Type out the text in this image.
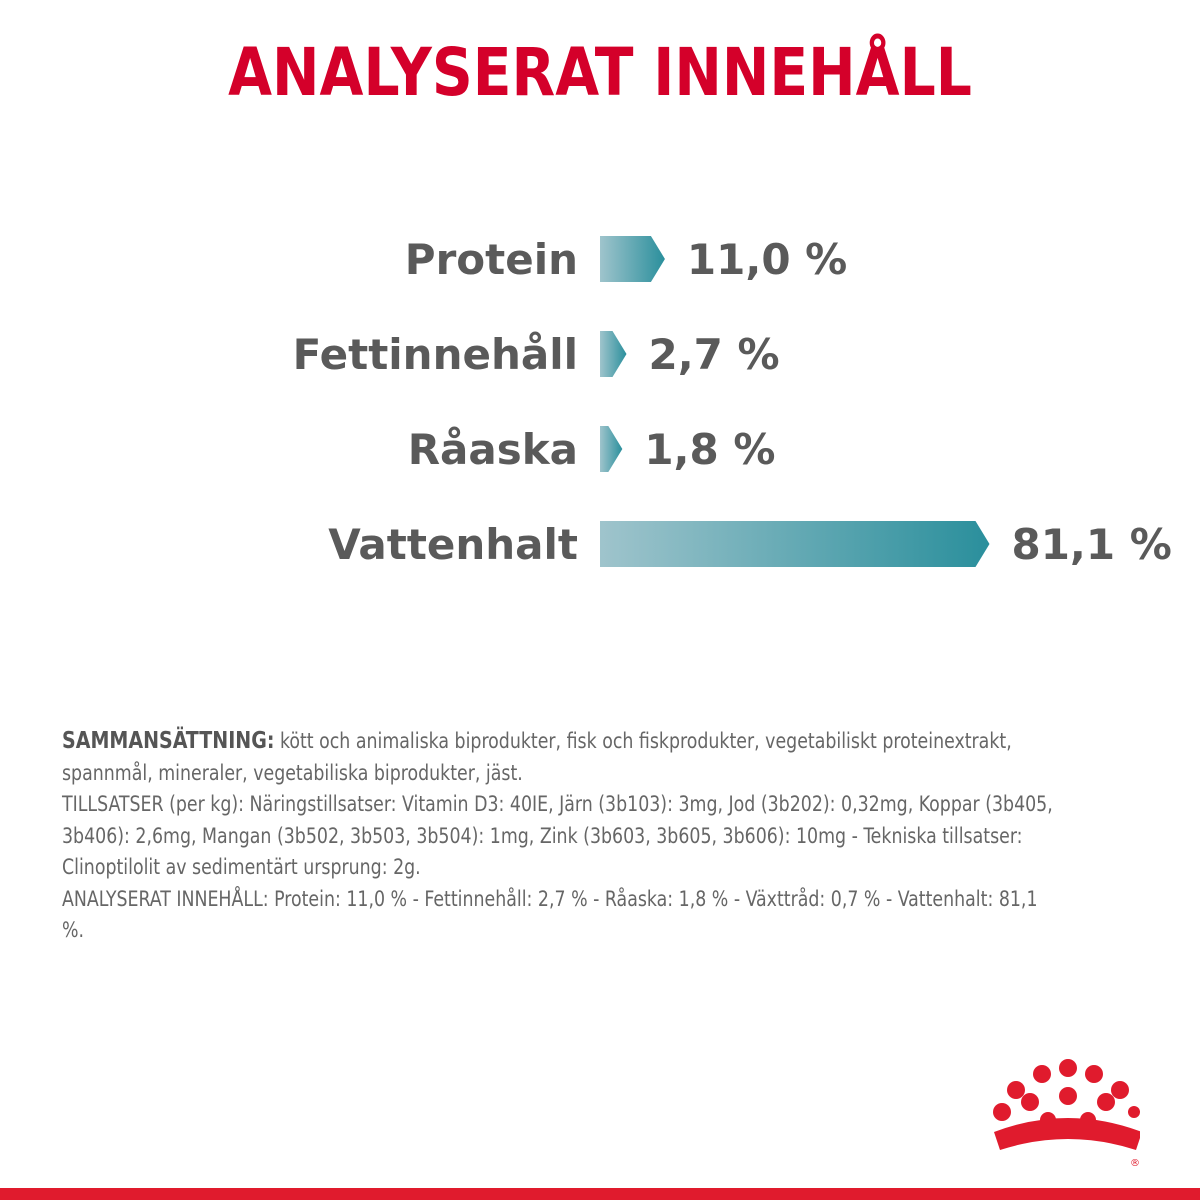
ANALYSERAT INNEHÅLL
Protein	11,0 %
Fettinnehåll 2,7 %
Råaska 1,8 %
Vattenhalt	81,1 %

SAMMANSÄTTNING: kött och animaliska biprodukter, fisk och fiskprodukter, vegetabiliskt proteinextrakt, spannmål, mineraler, vegetabiliska biprodukter, jäst.

TILLSATSER (per kg): Näringstillsatser: Vitamin D3: 40IE, Järn (3b103): 3mg, Jod (3b202): 0,32mg, Koppar (3b405, 3b406): 2,6mg, Mangan (3b502, 3b503, 3b504): 1mg, Zink (3b603, 3b605, 3b606): 10mg - Tekniska tillsatser: Clinoptilolit av sedimentärt ursprung: 2g.

ANALYSERAT INNEHÅLL: Protein: 11,0 % - Fettinnehåll: 2,7 % - Råaska: 1,8 % - Växttråd: 0,7 % - Vattenhalt: 81,1 %.

®
